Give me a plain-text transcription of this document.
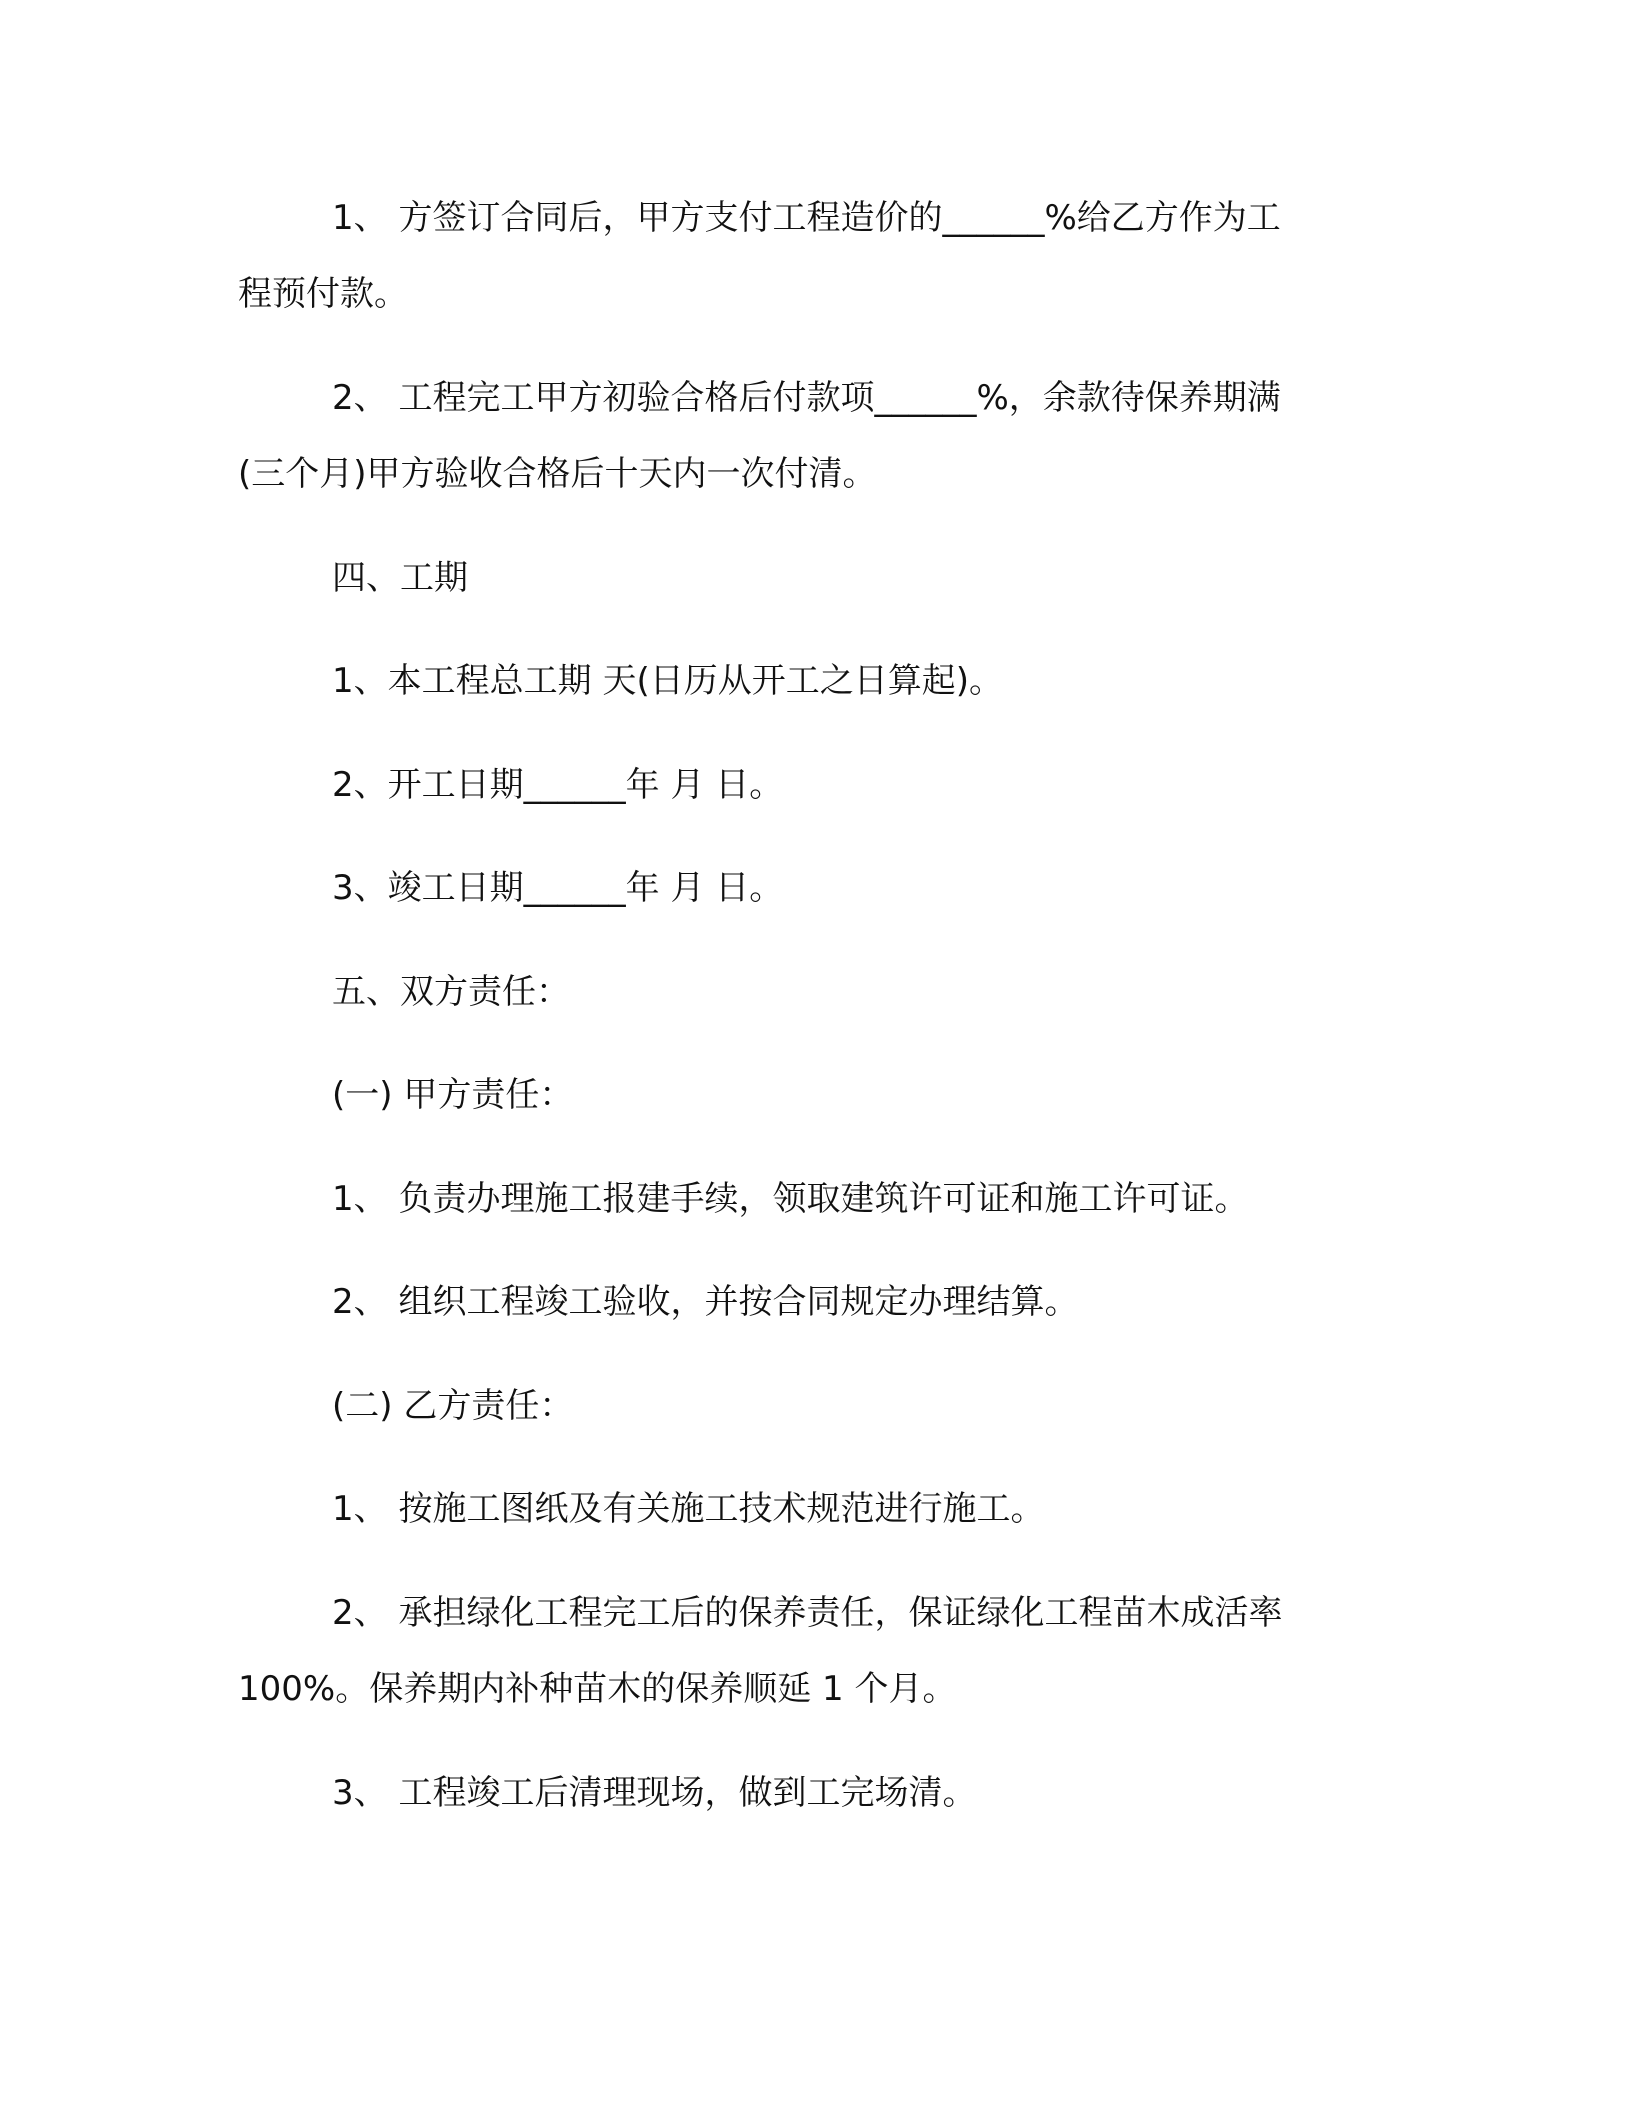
1、 方签订合同后，甲方支付工程造价的______%给乙方作为工
程预付款。
2、 工程完工甲方初验合格后付款项______%，余款待保养期满
(三个月)甲方验收合格后十天内一次付清。
四、工期
1、本工程总工期 天(日历从开工之日算起)。
2、开工日期______年 月 日。
3、竣工日期______年 月 日。
五、双方责任：
(一) 甲方责任：
1、 负责办理施工报建手续，领取建筑许可证和施工许可证。
2、 组织工程竣工验收，并按合同规定办理结算。
(二) 乙方责任：
1、 按施工图纸及有关施工技术规范进行施工。
2、 承担绿化工程完工后的保养责任，保证绿化工程苗木成活率
100%。保养期内补种苗木的保养顺延 1 个月。
3、 工程竣工后清理现场，做到工完场清。
